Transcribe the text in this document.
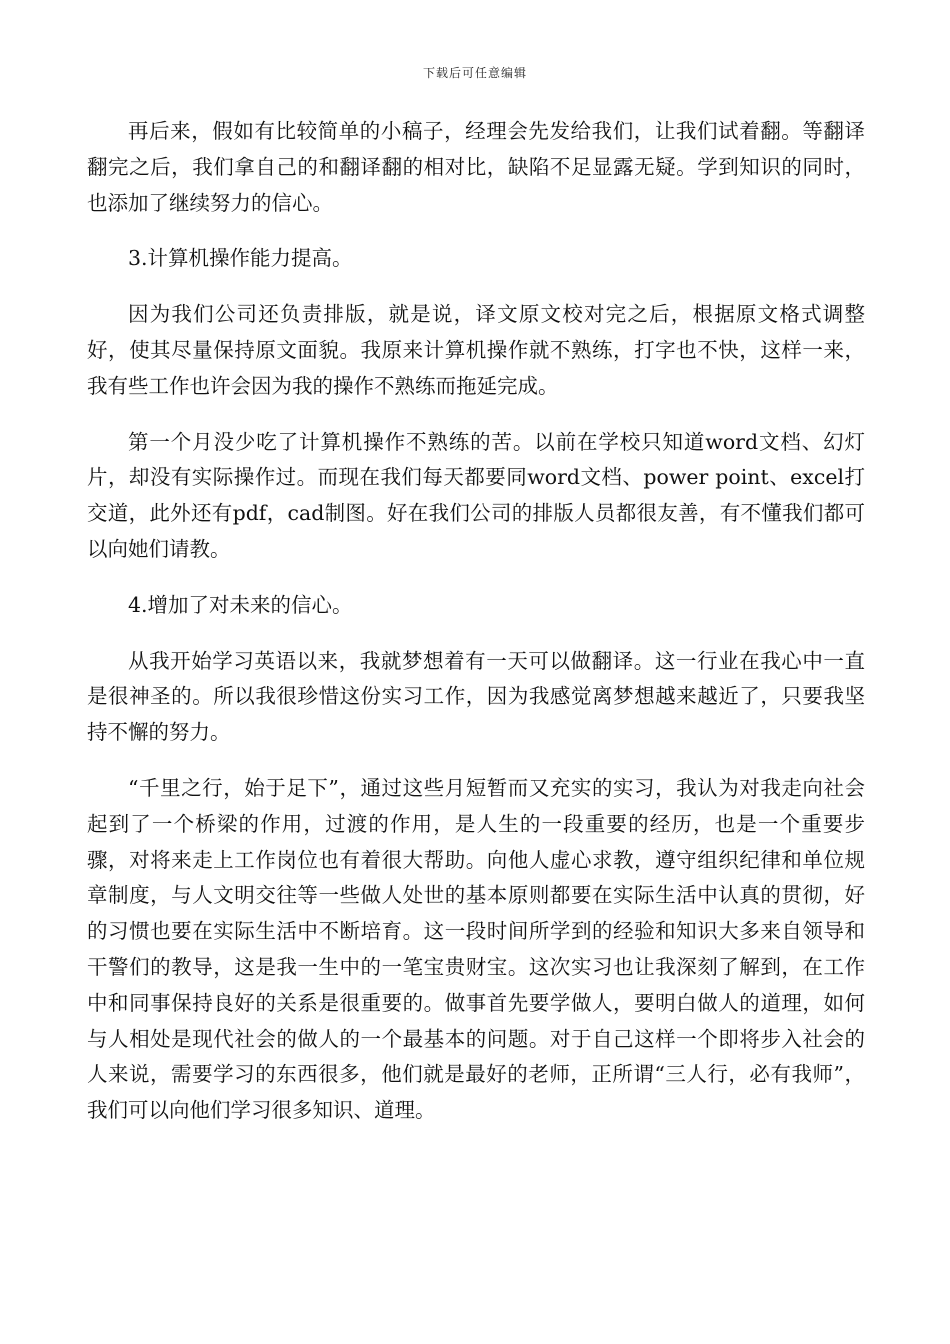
下载后可任意编辑

再后来，假如有比较简单的小稿子，经理会先发给我们，让我们试着翻。等翻译翻完之后，我们拿自己的和翻译翻的相对比，缺陷不足显露无疑。学到知识的同时，也添加了继续努力的信心。

3.计算机操作能力提高。

因为我们公司还负责排版，就是说，译文原文校对完之后，根据原文格式调整好，使其尽量保持原文面貌。我原来计算机操作就不熟练，打字也不快，这样一来，我有些工作也许会因为我的操作不熟练而拖延完成。

第一个月没少吃了计算机操作不熟练的苦。以前在学校只知道word文档、幻灯片，却没有实际操作过。而现在我们每天都要同word文档、power point、excel打交道，此外还有pdf，cad制图。好在我们公司的排版人员都很友善，有不懂我们都可以向她们请教。

4.增加了对未来的信心。

从我开始学习英语以来，我就梦想着有一天可以做翻译。这一行业在我心中一直是很神圣的。所以我很珍惜这份实习工作，因为我感觉离梦想越来越近了，只要我坚持不懈的努力。

“千里之行，始于足下”，通过这些月短暂而又充实的实习，我认为对我走向社会起到了一个桥梁的作用，过渡的作用，是人生的一段重要的经历，也是一个重要步骤，对将来走上工作岗位也有着很大帮助。向他人虚心求教，遵守组织纪律和单位规章制度，与人文明交往等一些做人处世的基本原则都要在实际生活中认真的贯彻，好的习惯也要在实际生活中不断培育。这一段时间所学到的经验和知识大多来自领导和干警们的教导，这是我一生中的一笔宝贵财宝。这次实习也让我深刻了解到，在工作中和同事保持良好的关系是很重要的。做事首先要学做人，要明白做人的道理，如何与人相处是现代社会的做人的一个最基本的问题。对于自己这样一个即将步入社会的人来说，需要学习的东西很多，他们就是最好的老师，正所谓“三人行，必有我师”，我们可以向他们学习很多知识、道理。
